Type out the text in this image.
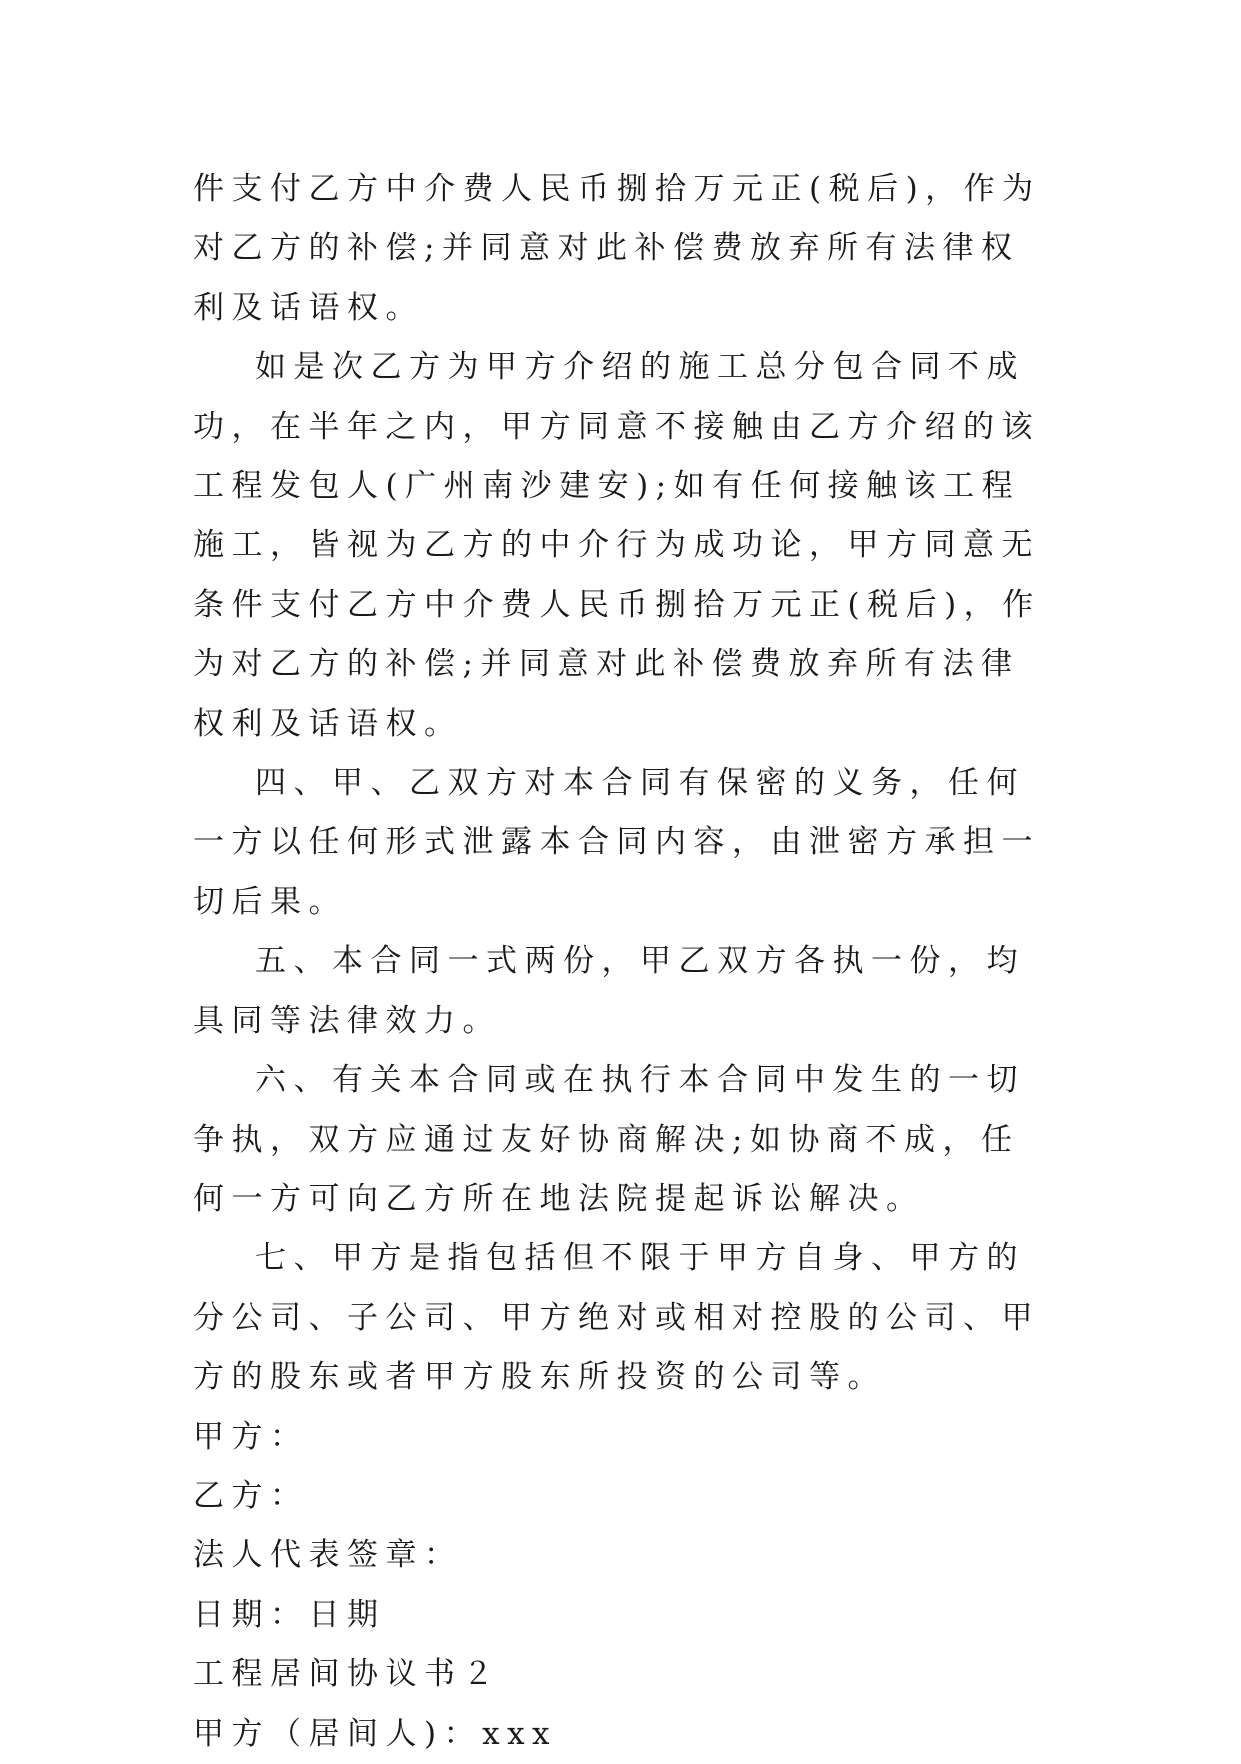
件支付乙方中介费人民币捌拾万元正(税后)，作为对乙方的补偿;并同意对此补偿费放弃所有法律权利及话语权。

如是次乙方为甲方介绍的施工总分包合同不成功，在半年之内，甲方同意不接触由乙方介绍的该工程发包人(广州南沙建安);如有任何接触该工程施工，皆视为乙方的中介行为成功论，甲方同意无条件支付乙方中介费人民币捌拾万元正(税后)，作为对乙方的补偿;并同意对此补偿费放弃所有法律权利及话语权。

四、甲、乙双方对本合同有保密的义务，任何一方以任何形式泄露本合同内容，由泄密方承担一切后果。

五、本合同一式两份，甲乙双方各执一份，均具同等法律效力。

六、有关本合同或在执行本合同中发生的一切争执，双方应通过友好协商解决;如协商不成，任何一方可向乙方所在地法院提起诉讼解决。

七、甲方是指包括但不限于甲方自身、甲方的分公司、子公司、甲方绝对或相对控股的公司、甲方的股东或者甲方股东所投资的公司等。

甲方：

乙方：

法人代表签章：

日期：日期

工程居间协议书２

甲方（居间人)：xxx
